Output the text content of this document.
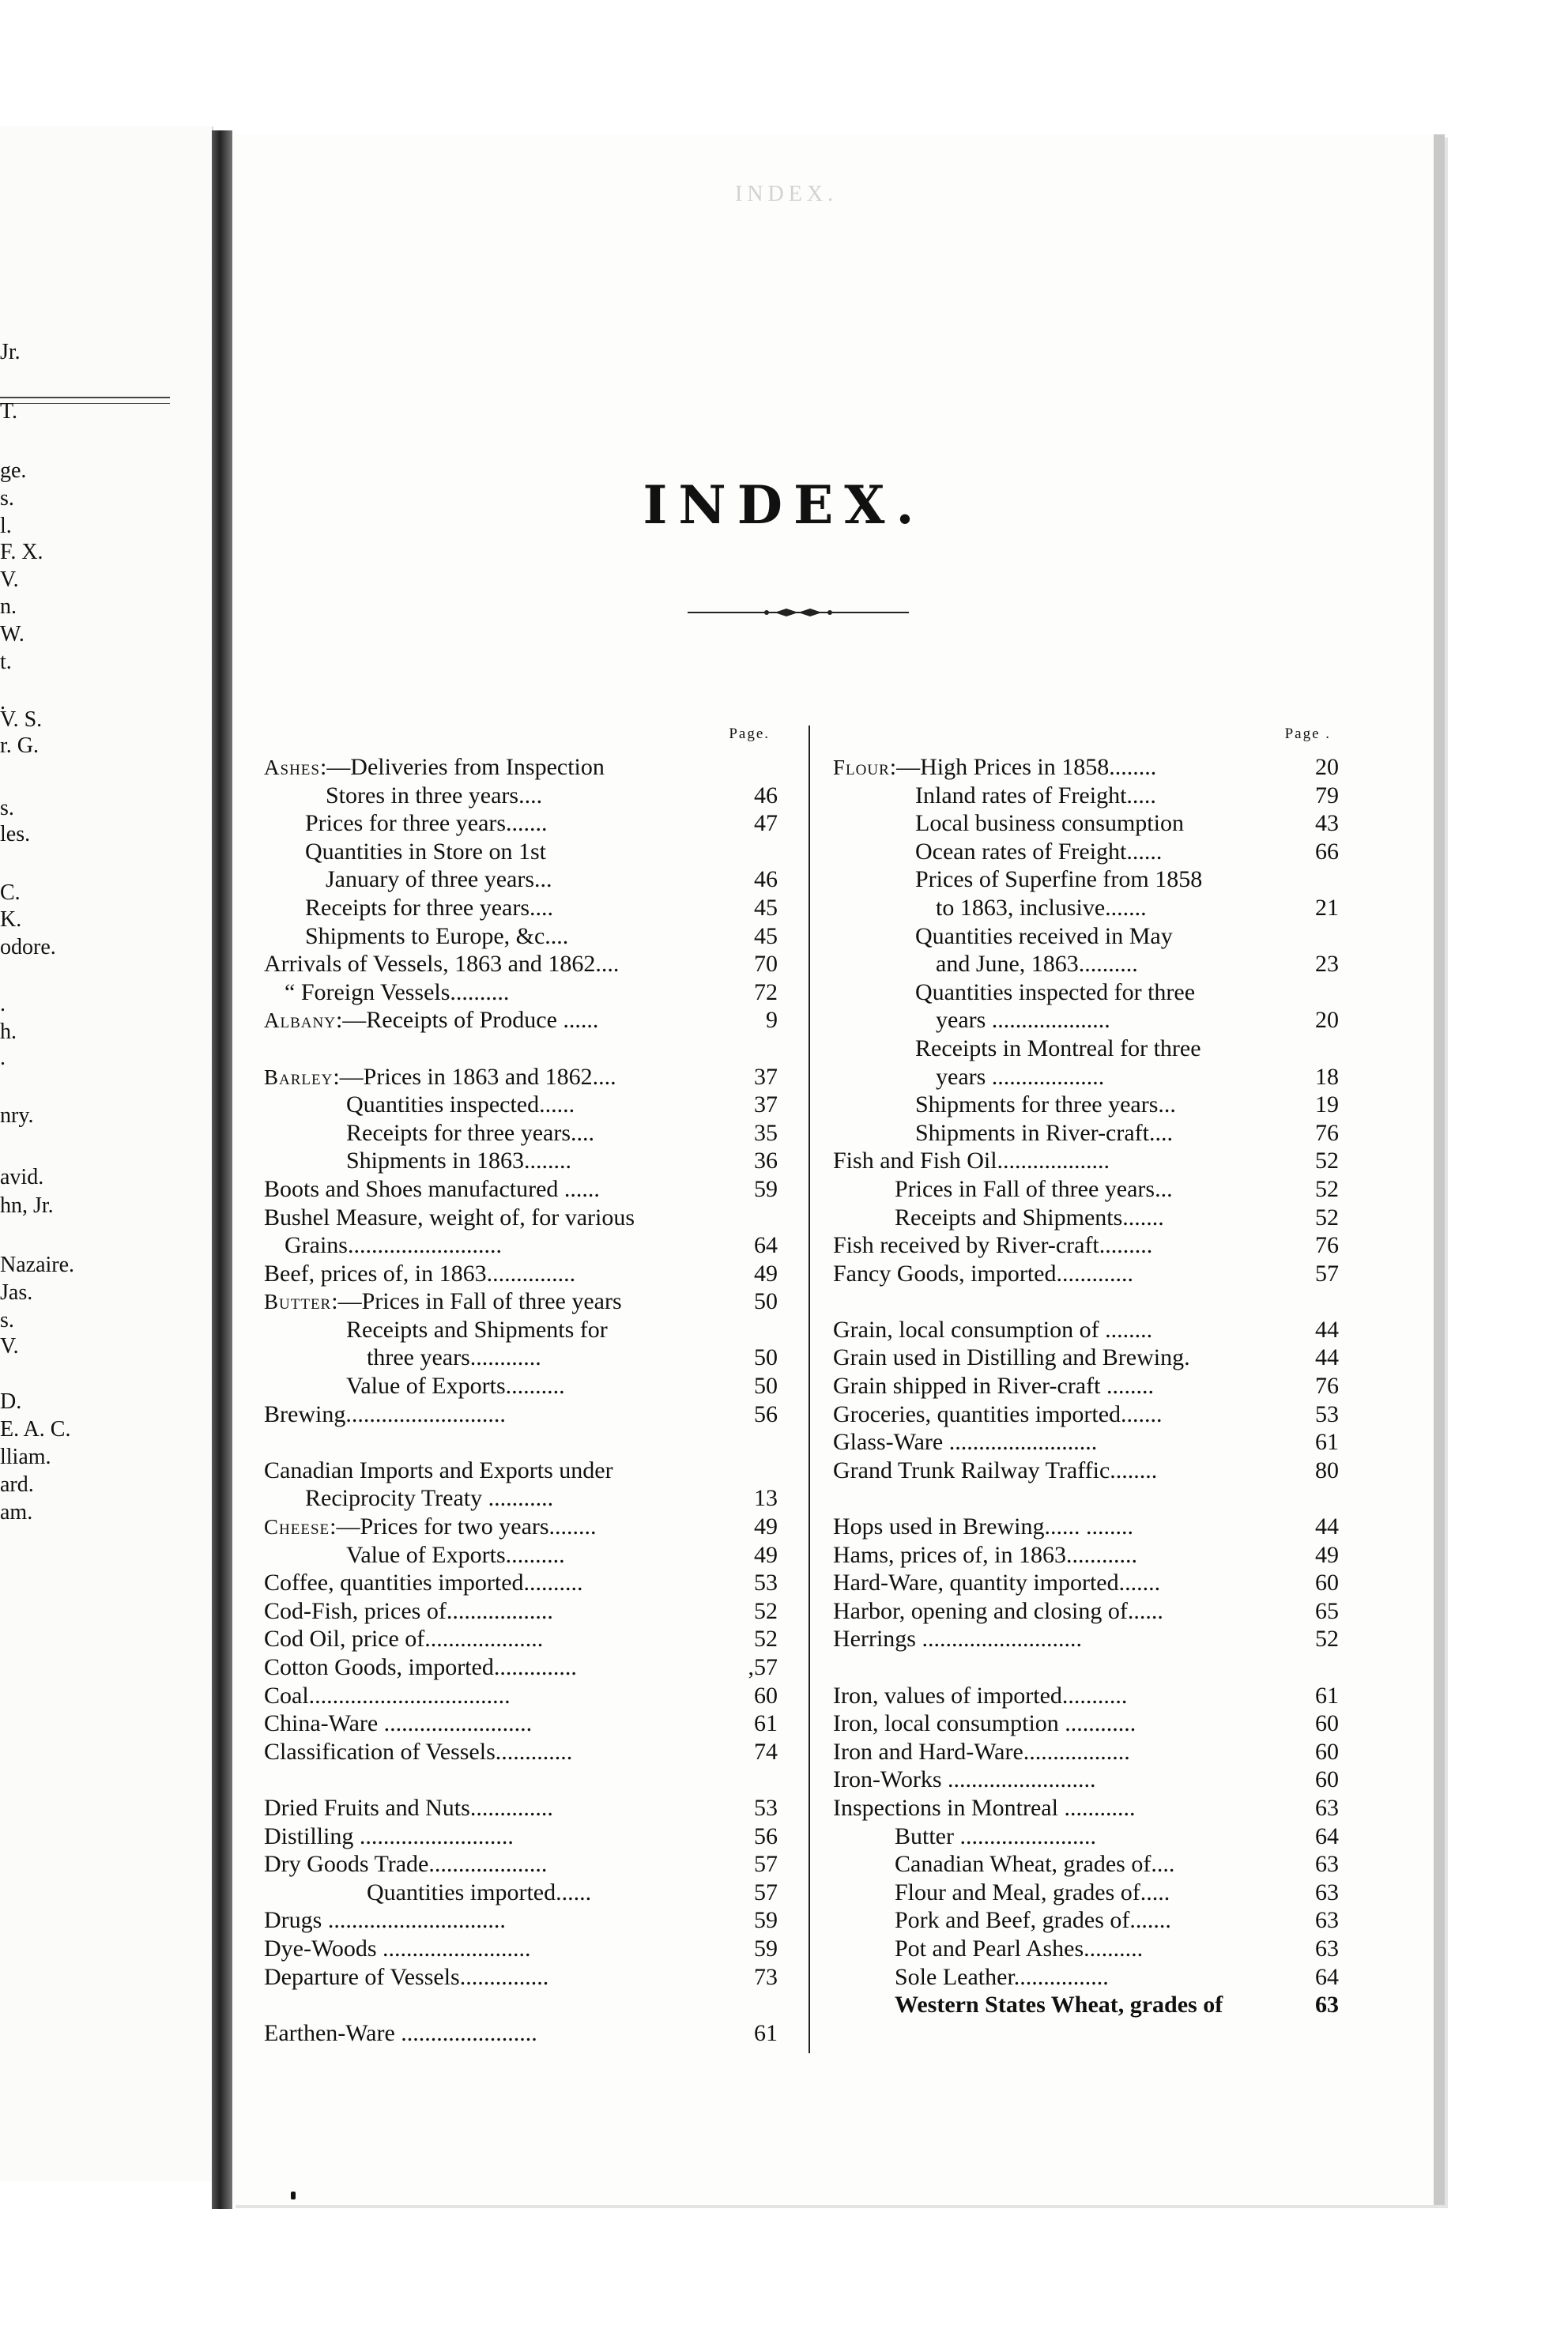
Jr.
T.
ge.
s.
l.
F. X.
V.
n.
W.
t.
.
V. S.
r. G.
s.
les.
C.
K.
odore.
.
h.
.
nry.
avid.
hn, Jr.
Nazaire.
Jas.
s.
V.
D.
E. A. C.
lliam.
ard.
am.
INDEX.
INDEX.
Page.
Ashes:—Deliveries from Inspection
Stores in three years....	46
Prices for three years.......	47
Quantities in Store on 1st
January of three years...	46
Receipts for three years....	45
Shipments to Europe, &c....	45
Arrivals of Vessels, 1863 and 1862....	70
“ Foreign Vessels..........	72
Albany:—Receipts of Produce ......	9
Barley:—Prices in 1863 and 1862....	37
Quantities inspected......	37
Receipts for three years....	35
Shipments in 1863........	36
Boots and Shoes manufactured ......	59
Bushel Measure, weight of, for various
Grains..........................	64
Beef, prices of, in 1863...............	49
Butter:—Prices in Fall of three years	50
Receipts and Shipments for
three years............	50
Value of Exports..........	50
Brewing...........................	56
Canadian Imports and Exports under
Reciprocity Treaty ...........	13
Cheese:—Prices for two years........	49
Value of Exports..........	49
Coffee, quantities imported..........	53
Cod-Fish, prices of..................	52
Cod Oil, price of....................	52
Cotton Goods, imported..............	,57
Coal..................................	60
China-Ware .........................	61
Classification of Vessels.............	74
Dried Fruits and Nuts..............	53
Distilling ..........................	56
Dry Goods Trade....................	57
Quantities imported......	57
Drugs ..............................	59
Dye-Woods .........................	59
Departure of Vessels...............	73
Earthen-Ware .......................	61
Page .
Flour:—High Prices in 1858........	20
Inland rates of Freight.....	79
Local business consumption	43
Ocean rates of Freight......	66
Prices of Superfine from 1858
to 1863, inclusive.......	21
Quantities received in May
and June, 1863..........	23
Quantities inspected for three
years ....................	20
Receipts in Montreal for three
years ...................	18
Shipments for three years...	19
Shipments in River-craft....	76
Fish and Fish Oil...................	52
Prices in Fall of three years...	52
Receipts and Shipments.......	52
Fish received by River-craft.........	76
Fancy Goods, imported.............	57
Grain, local consumption of ........	44
Grain used in Distilling and Brewing.	44
Grain shipped in River-craft ........	76
Groceries, quantities imported.......	53
Glass-Ware .........................	61
Grand Trunk Railway Traffic........	80
Hops used in Brewing...... ........	44
Hams, prices of, in 1863............	49
Hard-Ware, quantity imported.......	60
Harbor, opening and closing of......	65
Herrings ...........................	52
Iron, values of imported...........	61
Iron, local consumption ............	60
Iron and Hard-Ware..................	60
Iron-Works .........................	60
Inspections in Montreal ............	63
Butter .......................	64
Canadian Wheat, grades of....	63
Flour and Meal, grades of.....	63
Pork and Beef, grades of.......	63
Pot and Pearl Ashes..........	63
Sole Leather................	64
Western States Wheat, grades of	63
